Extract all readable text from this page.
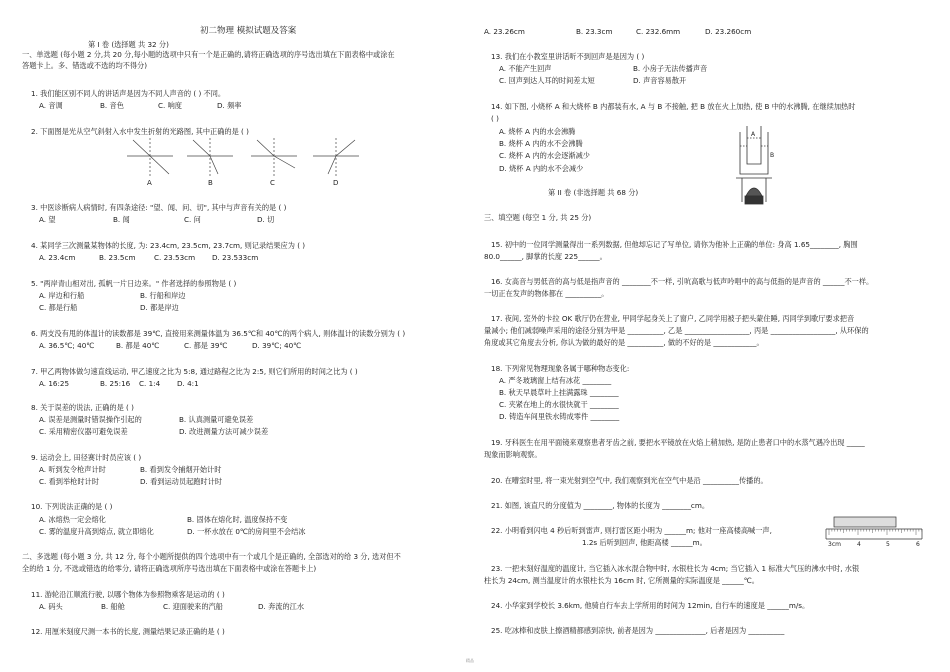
初二物理 模拟试题及答案
第 I 卷 (选择题 共 32 分)
一、单选题 (每小题 2 分,共 20 分,每小题的选项中只有一个是正确的,请将正确选项的序号选出填在下面表格中或涂在
答题卡上。多、错选或不选的均不得分)
1. 我们能区别不同人的讲话声是因为不同人声音的 ( ) 不同。
A. 音调	B. 音色	C. 响度	D. 频率
2. 下面图是光从空气斜射入水中发生折射的光路图, 其中正确的是 ( )
A	B	C	D
3. 中医诊断病人病情时, 有四条途径: "望、闻、问、切", 其中与声音有关的是 ( )
A. 望	B. 闻	C. 问	D. 切
4. 某同学三次测量某物体的长度, 为: 23.4cm, 23.5cm, 23.7cm, 则记录结果应为 ( )
A. 23.4cm	B. 23.5cm	C. 23.53cm D. 23.533cm
5. "两岸青山相对出, 孤帆一片日边来。" 作者选择的参照物是 ( )
A. 岸边和行船	B. 行船和岸边
C. 都是行船	D. 都是岸边
6. 两支没有甩的体温计的读数都是 39℃, 直接用来测量体温为 36.5℃和 40℃的两个病人, 则体温计的读数分别为 ( )
A. 36.5℃; 40℃	B. 都是 40℃	C. 都是 39℃	D. 39℃; 40℃
7. 甲乙两物体做匀速直线运动, 甲乙速度之比为 5:8, 通过路程之比为 2:5, 则它们所用的时间之比为 ( )
A. 16:25	B. 25:16 C. 1:4 D. 4:1
8. 关于误差的说法, 正确的是 ( )
A. 误差是测量时错误操作引起的	B. 认真测量可避免误差
C. 采用精密仪器可避免误差	D. 改进测量方法可减少误差
9. 运动会上, 田径赛计时员应该 ( )
A. 听到发令枪声计时	B. 看到发令捕烟开始计时
C. 看到举枪时计时	D. 看到运动员起跑时计时
10. 下列说法正确的是 ( )
A. 冰熔热一定会熔化	B. 固体在熔化时, 温度保持不变
C. 雾的温度升高到熔点, 就立即熔化	D. 一杯水放在 0℃的房间里不会结冰
二、多选题 (每小题 3 分, 共 12 分, 每个小题所提供的四个选项中有一个或几个是正确的, 全部选对的给 3 分, 选对但不
全的给 1 分, 不选或错选的给零分, 请将正确选项所序号选出填在下面表格中或涂在答题卡上)
11. 游轮沿江顺流行驶, 以哪个物体为参照物乘客是运动的 ( )
A. 码头	B. 船舱	C. 迎面驶来的汽船	D. 奔流的江水
12. 用厘米刻度尺测一本书的长度, 测量结果记录正确的是 ( )
A. 23.26cm	B. 23.3cm	C. 232.6mm	D. 23.260cm
13. 我们在小教室里讲话听不到回声是是因为 ( )
A. 不能产生回声	B. 小房子无法传播声音
C. 回声到达人耳的时间差太短	D. 声音容易散开
14. 如下图, 小烧杯 A 和大烧杯 B 内都装有水, A 与 B 不接触, 把 B 放在火上加热, 使 B 中的水沸腾, 在继续加热时
( )
A. 烧杯 A 内的水会沸腾
B. 烧杯 A 内的水不会沸腾
C. 烧杯 A 内的水会逐渐减少
D. 烧杯 A 内的水不会减少
A
B
第 II 卷 (非选择题 共 68 分)
三、填空题 (每空 1 分, 共 25 分)
15. 初中的一位同学测量得出一系列数据, 但他却忘记了写单位, 请你为他补上正确的单位: 身高 1.65________, 胸围
80.0______, 脚掌的长度 225______。
16. 女高音与男低音的高与低是指声音的 ________不一样, 引吭高歌与低声吟唱中的高与低指的是声音的 ______不一样。
一切正在发声的物体都在 __________。
17. 夜间, 室外的卡拉 OK 歌厅仍在营业, 甲同学起身关上了窗户, 乙同学用被子把头蒙住睡, 丙同学到歌厅要求把音
量减小; 他们减弱噪声采用的途径分别为甲是 __________, 乙是 __________________, 丙是 __________________, 从环保的
角度或其它角度去分析, 你认为做的最好的是 __________, 做的不好的是 ____________。
18. 下列常见物理现象各属于哪种物态变化:
A. 严冬玻璃窗上结有冰花 ________
B. 秋天早晨草叶上挂满露珠 ________
C. 夹紧在地上的水很快就干 ________
D. 铸造车间里铁水铸成零件 ________
19. 牙科医生在用平面镜来观察患者牙齿之前, 要把水平镜放在火焰上稍加热, 是防止患者口中的水蒸气遇冷出现 _____
现象而影响观察。
20. 在嘈室时里, 将一束光射到空气中, 我们观察到光在空气中是沿 __________传播的。
21. 如图, 该直尺的分度值为 ________, 物体的长度为 ________cm。
3cm	4	5	6
22. 小明看到闪电 4 秒后听到雷声, 则打雷区距小明为 ______m; 他对一座高楼高喊一声,
1.2s 后听到回声, 他距高楼 ______m。
23. 一把未刻好温度的温度计, 当它插入冰水混合物中时, 水银柱长为 4cm; 当它插入 1 标准大气压的沸水中时, 水银
柱长为 24cm, 测当温度计的水银柱长为 16cm 时, 它所测量的实际温度是 ______℃。
24. 小华家到学校长 3.6km, 他骑自行车去上学所用的时间为 12min, 自行车的速度是 ______m/s。
25. 吃冰棒和皮肤上擦酒精都感到凉快, 前者是因为 ______________, 后者是因为 __________
精品
